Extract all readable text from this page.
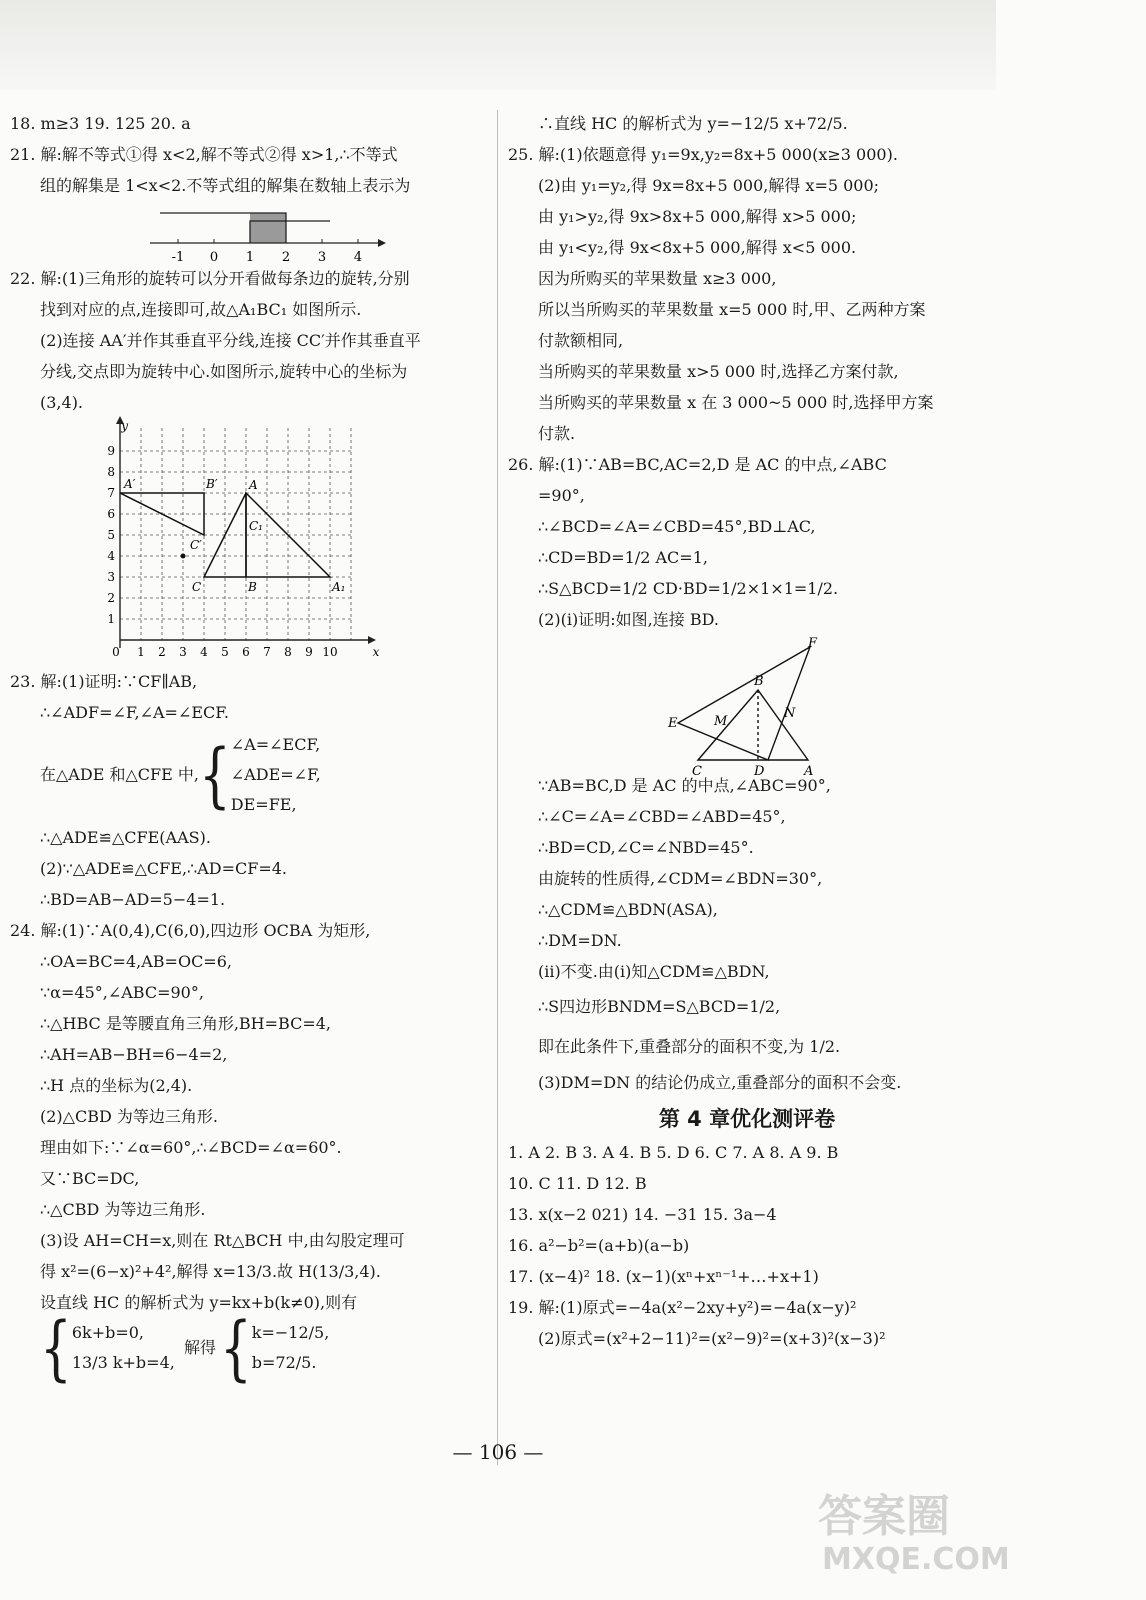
18. m≥3 19. 125 20. a
21. 解:解不等式①得 x<2,解不等式②得 x>1,∴不等式
组的解集是 1<x<2.不等式组的解集在数轴上表示为
-1 0 1 2 3 4
22. 解:(1)三角形的旋转可以分开看做每条边的旋转,分别
找到对应的点,连接即可,故△A₁BC₁ 如图所示.
(2)连接 AA′并作其垂直平分线,连接 CC′并作其垂直平
分线,交点即为旋转中心.如图所示,旋转中心的坐标为
(3,4).
0 1 2 3 4 5 6 7 8 9 10	x
1
2
3
4
5
6
7
8
9
y
A′	B′	A
C₁
C′
C	B	A₁
23. 解:(1)证明:∵CF∥AB,
∴∠ADF=∠F,∠A=∠ECF.
在△ADE 和△CFE 中,{ ∠A=∠ECF,
∠ADE=∠F,
DE=FE,
∴△ADE≌△CFE(AAS).
(2)∵△ADE≌△CFE,∴AD=CF=4.
∴BD=AB−AD=5−4=1.
24. 解:(1)∵A(0,4),C(6,0),四边形 OCBA 为矩形,
∴OA=BC=4,AB=OC=6,
∵α=45°,∠ABC=90°,
∴△HBC 是等腰直角三角形,BH=BC=4,
∴AH=AB−BH=6−4=2,
∴H 点的坐标为(2,4).
(2)△CBD 为等边三角形.
理由如下:∵∠α=60°,∴∠BCD=∠α=60°.
又∵BC=DC,
∴△CBD 为等边三角形.
(3)设 AH=CH=x,则在 Rt△BCH 中,由勾股定理可
得 x²=(6−x)²+4²,解得 x=13/3.故 H(13/3,4).
设直线 HC 的解析式为 y=kx+b(k≠0),则有
{ 6k+b=0,
13/3 k+b=4,
解得{ k=−12/5,
b=72/5.
∴直线 HC 的解析式为 y=−12/5 x+72/5.
25. 解:(1)依题意得 y₁=9x,y₂=8x+5 000(x≥3 000).
(2)由 y₁=y₂,得 9x=8x+5 000,解得 x=5 000;
由 y₁>y₂,得 9x>8x+5 000,解得 x>5 000;
由 y₁<y₂,得 9x<8x+5 000,解得 x<5 000.
因为所购买的苹果数量 x≥3 000,
所以当所购买的苹果数量 x=5 000 时,甲、乙两种方案
付款额相同,
当所购买的苹果数量 x>5 000 时,选择乙方案付款,
当所购买的苹果数量 x 在 3 000~5 000 时,选择甲方案
付款.
26. 解:(1)∵AB=BC,AC=2,D 是 AC 的中点,∠ABC
=90°,
∴∠BCD=∠A=∠CBD=45°,BD⊥AC,
∴CD=BD=1/2 AC=1,
∴S△BCD=1/2 CD·BD=1/2×1×1=1/2.
(2)(ⅰ)证明:如图,连接 BD.
F
B
E	M
N
C	D	A
∵AB=BC,D 是 AC 的中点,∠ABC=90°,
∴∠C=∠A=∠CBD=∠ABD=45°,
∴BD=CD,∠C=∠NBD=45°.
由旋转的性质得,∠CDM=∠BDN=30°,
∴△CDM≌△BDN(ASA),
∴DM=DN.
(ⅱ)不变.由(ⅰ)知△CDM≌△BDN,
∴S四边形BNDM=S△BCD=1/2,
即在此条件下,重叠部分的面积不变,为 1/2.
(3)DM=DN 的结论仍成立,重叠部分的面积不会变.
第 4 章优化测评卷
1. A 2. B 3. A 4. B 5. D 6. C 7. A 8. A 9. B
10. C 11. D 12. B
13. x(x−2 021) 14. −31 15. 3a−4
16. a²−b²=(a+b)(a−b)
17. (x−4)² 18. (x−1)(xⁿ+xⁿ⁻¹+…+x+1)
19. 解:(1)原式=−4a(x²−2xy+y²)=−4a(x−y)²
(2)原式=(x²+2−11)²=(x²−9)²=(x+3)²(x−3)²
— 106 —
答案圈
MXQE.COM
